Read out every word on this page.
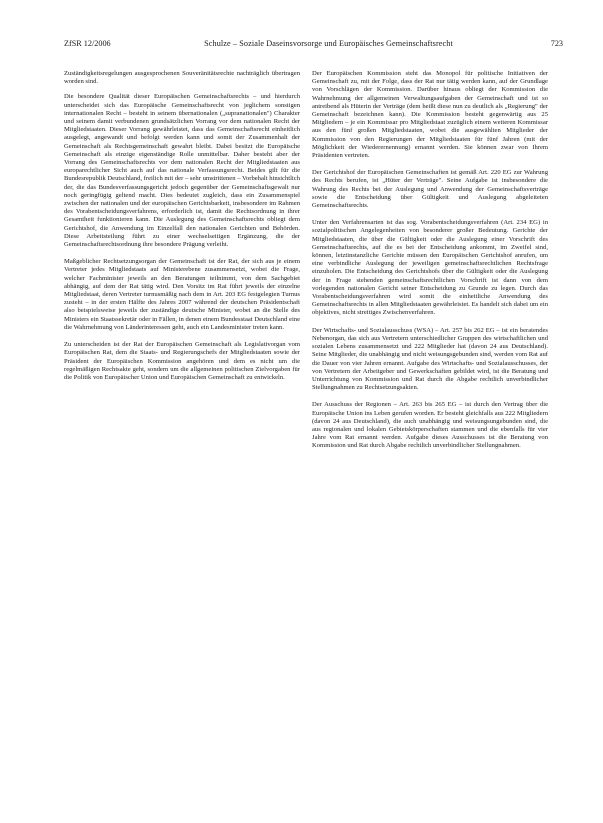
ZfSR 12/2006	Schulze – Soziale Daseinsvorsorge und Europäisches Gemeinschaftsrecht	723

Zuständigkeitsregelungen ausgesprochenen Souveränitätsrechte nachträglich übertragen worden sind.

Die besondere Qualität dieser Europäischen Gemeinschaftsrechts – und hierdurch unterscheidet sich das Europäische Gemeinschaftsrecht von jeglichem sonstigen internationalen Recht – besteht in seinem übernationalen („supranationalen") Charakter und seinem damit verbundenen grundsätzlichen Vorrang vor dem nationalen Recht der Mitgliedstaaten. Dieser Vorrang gewährleistet, dass das Gemeinschaftsrecht einheitlich ausgelegt, angewandt und befolgt werden kann und somit der Zusammenhalt der Gemeinschaft als Rechtsgemeinschaft gewahrt bleibt. Dabei besitzt die Europäische Gemeinschaft als einzige eigenständige Rolle unmittelbar. Daher besteht aber der Vorrang des Gemeinschaftsrechts vor dem nationalen Recht der Mitgliedstaaten aus europarechtlicher Sicht auch auf das nationale Verfassungsrecht. Beides gilt für die Bundesrepublik Deutschland, freilich mit der – sehr umstrittenen – Vorbehalt hinsichtlich der, die das Bundesverfassungsgericht jedoch gegenüber der Gemeinschaftsgewalt nur noch geringfügig geltend macht. Dies bedeutet zugleich, dass ein Zusammenspiel zwischen der nationalen und der europäischen Gerichtsbarkeit, insbesondere im Rahmen des Vorabentscheidungsverfahrens, erforderlich ist, damit die Rechtsordnung in ihrer Gesamtheit funktionieren kann. Die Auslegung des Gemeinschaftsrechts obliegt dem Gerichtshof, die Anwendung im Einzelfall den nationalen Gerichten und Behörden. Diese Arbeitsteilung führt zu einer wechselseitigen Ergänzung, die der Gemeinschaftsrechtsordnung ihre besondere Prägung verleiht.

Maßgeblicher Rechtsetzungsorgan der Gemeinschaft ist der Rat, der sich aus je einem Vertreter jedes Mitgliedstaats auf Ministerebene zusammensetzt, wobei die Frage, welcher Fachminister jeweils an den Beratungen teilnimmt, von dem Sachgebiet abhängig, auf dem der Rat tätig wird. Den Vorsitz im Rat führt jeweils der einzelne Mitgliedstaat, deren Vertreter turnusmäßig nach dem in Art. 203 EG festgelegten Turnus zusteht – in der ersten Hälfte des Jahres 2007 während der deutschen Präsidentschaft also beispielsweise jeweils der zuständige deutsche Minister, wobei an die Stelle des Ministers ein Staatssekretär oder in Fällen, in denen einem Bundesstaat Deutschland eine die Wahrnehmung von Länderinteressen geht, auch ein Landesminister treten kann.

Zu unterscheiden ist der Rat der Europäischen Gemeinschaft als Legislativorgan vom Europäischen Rat, dem die Staats- und Regierungschefs der Mitgliedstaaten sowie der Präsident der Europäischen Kommission angehören und dem es nicht um die regelmäßigen Rechtsakte geht, sondern um die allgemeinen politischen Zielvorgaben für die Politik von Europäischer Union und Europäischen Gemeinschaft zu entwickeln.

Der Europäischen Kommission steht das Monopol für politische Initiativen der Gemeinschaft zu, mit der Folge, dass der Rat nur tätig werden kann, auf der Grundlage von Vorschlägen der Kommission. Darüber hinaus obliegt der Kommission die Wahrnehmung der allgemeinen Verwaltungsaufgaben der Gemeinschaft und ist so antreibend als Hüterin der Verträge (dem heißt diese nun zu deutlich als „Regierung" der Gemeinschaft bezeichnen kann). Die Kommission besteht gegenwärtig aus 25 Mitgliedern – je ein Kommissar pro Mitgliedstaat zuzüglich einem weiteren Kommissar aus den fünf großen Mitgliedstaaten, wobei die ausgewählten Mitglieder der Kommission von den Regierungen der Mitgliedstaaten für fünf Jahren (mit der Möglichkeit der Wiederernennung) ernannt werden. Sie können zwar von Ihrem Präsidenten vertreten.

Der Gerichtshof der Europäischen Gemeinschaften ist gemäß Art. 220 EG zur Wahrung des Rechts berufen, ist „Hüter der Verträge". Seine Aufgabe ist insbesondere die Wahrung des Rechts bei der Auslegung und Anwendung der Gemeinschaftsverträge sowie die Entscheidung über Gültigkeit und Auslegung abgeleiteten Gemeinschaftsrechts.

Unter den Verfahrensarten ist das sog. Vorabentscheidungsverfahren (Art. 234 EG) in sozialpolitischen Angelegenheiten von besonderer großer Bedeutung. Gerichte der Mitgliedstaaten, die über die Gültigkeit oder die Auslegung einer Vorschrift des Gemeinschaftsrechts, auf die es bei der Entscheidung ankommt, im Zweifel sind, können, letztinstanzliche Gerichte müssen den Europäischen Gerichtshof anrufen, um eine verbindliche Auslegung der jeweiligen gemeinschaftsrechtlichen Rechtsfrage einzuholen. Die Entscheidung des Gerichtshofs über die Gültigkeit oder die Auslegung der in Frage stehenden gemeinschaftsrechtlichen Vorschrift ist dann von dem vorlegenden nationalen Gericht seiner Entscheidung zu Grunde zu legen. Durch das Vorabentscheidungsverfahren wird somit die einheitliche Anwendung des Gemeinschaftsrechts in allen Mitgliedstaaten gewährleistet. Es handelt sich dabei um ein objektives, nicht streitiges Zwischenverfahren.

Der Wirtschafts- und Sozialausschuss (WSA) – Art. 257 bis 262 EG – ist ein beratendes Nebenorgan, das sich aus Vertretern unterschiedlicher Gruppen des wirtschaftlichen und sozialen Lebens zusammensetzt und 222 Mitglieder hat (davon 24 aus Deutschland). Seine Mitglieder, die unabhängig und nicht weisungsgebunden sind, werden vom Rat auf die Dauer von vier Jahren ernannt. Aufgabe des Wirtschafts- und Sozialausschusses, der von Vertretern der Arbeitgeber und Gewerkschaften gebildet wird, ist die Beratung und Unterrichtung von Kommission und Rat durch die Abgabe rechtlich unverbindlicher Stellungnahmen zu Rechtsetzungsakten.

Der Ausschuss der Regionen – Art. 263 bis 265 EG – ist durch den Vertrag über die Europäische Union ins Leben gerufen worden. Er besteht gleichfalls aus 222 Mitgliedern (davon 24 aus Deutschland), die auch unabhängig und weisungsungebunden sind, die aus regionalen und lokalen Gebietskörperschaften stammen und die ebenfalls für vier Jahre vom Rat ernannt werden. Aufgabe dieses Ausschusses ist die Beratung von Kommission und Rat durch Abgabe rechtlich unverbindlicher Stellungnahmen.
